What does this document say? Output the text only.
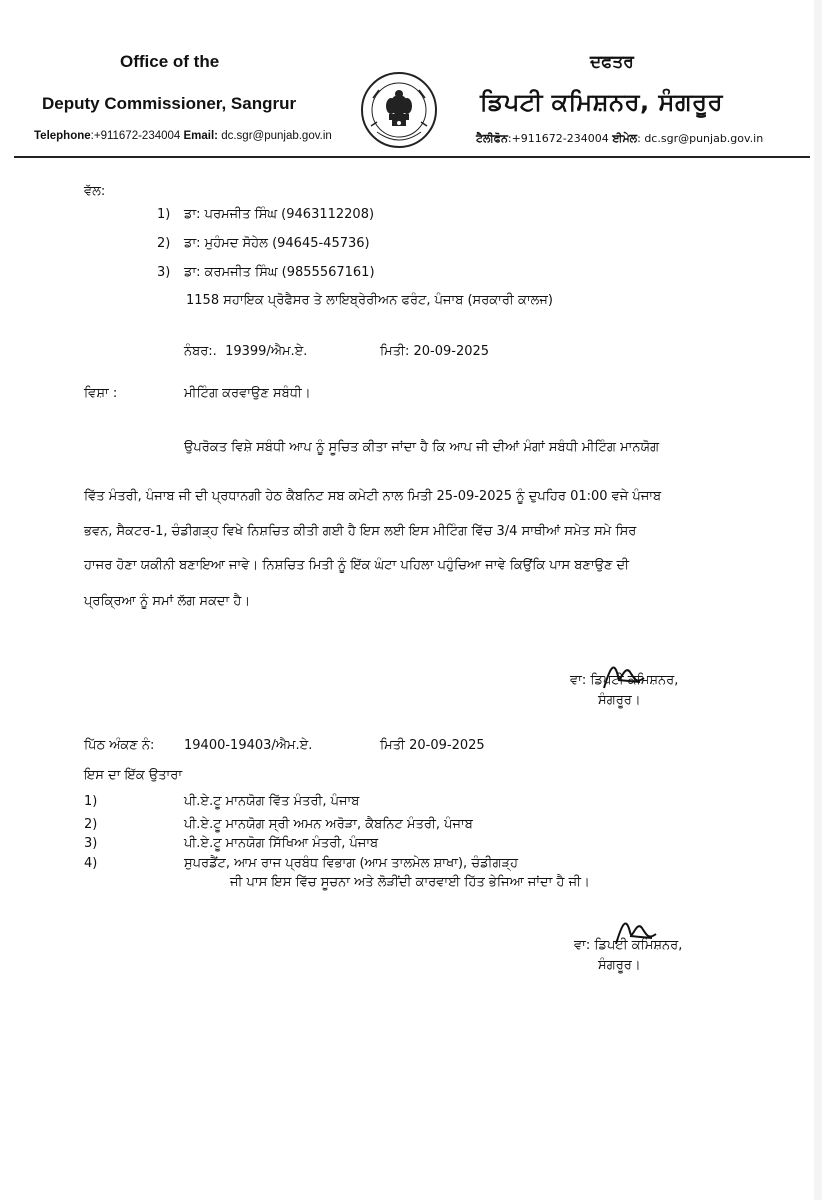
Office of the
Deputy Commissioner, Sangrur
Telephone:+911672-234004 Email: dc.sgr@punjab.gov.in
ਦਫਤਰ
ਡਿਪਟੀ ਕਮਿਸ਼ਨਰ, ਸੰਗਰੂਰ
ਟੈਲੀਫੋਨ:+911672-234004 ਈਮੇਲ: dc.sgr@punjab.gov.in
ਵੱਲ:
1) ਡਾ: ਪਰਮਜੀਤ ਸਿੰਘ (9463112208)
2) ਡਾ: ਮੁਹੰਮਦ ਸੋਹੇਲ (94645-45736)
3) ਡਾ: ਕਰਮਜੀਤ ਸਿੰਘ (9855567161)
1158 ਸਹਾਇਕ ਪ੍ਰੋਫੈਸਰ ਤੇ ਲਾਇਬ੍ਰੇਰੀਅਨ ਫਰੰਟ, ਪੰਜਾਬ (ਸਰਕਾਰੀ ਕਾਲਜ)
ਨੰਬਰ:. 19399/ਐਮ.ਏ.	ਮਿਤੀ: 20-09-2025
ਵਿਸ਼ਾ :	ਮੀਟਿੰਗ ਕਰਵਾਉਣ ਸਬੰਧੀ।
ਉਪਰੋਕਤ ਵਿਸ਼ੇ ਸਬੰਧੀ ਆਪ ਨੂੰ ਸੂਚਿਤ ਕੀਤਾ ਜਾਂਦਾ ਹੈ ਕਿ ਆਪ ਜੀ ਦੀਆਂ ਮੰਗਾਂ ਸਬੰਧੀ ਮੀਟਿੰਗ ਮਾਨਯੋਗ
ਵਿੱਤ ਮੰਤਰੀ, ਪੰਜਾਬ ਜੀ ਦੀ ਪ੍ਰਧਾਨਗੀ ਹੇਠ ਕੈਬਨਿਟ ਸਬ ਕਮੇਟੀ ਨਾਲ ਮਿਤੀ 25-09-2025 ਨੂੰ ਦੁਪਹਿਰ 01:00 ਵਜੇ ਪੰਜਾਬ
ਭਵਨ, ਸੈਕਟਰ-1, ਚੰਡੀਗੜ੍ਹ ਵਿਖੇ ਨਿਸ਼ਚਿਤ ਕੀਤੀ ਗਈ ਹੈ ਇਸ ਲਈ ਇਸ ਮੀਟਿੰਗ ਵਿੱਚ 3/4 ਸਾਥੀਆਂ ਸਮੇਤ ਸਮੇ ਸਿਰ
ਹਾਜਰ ਹੋਣਾ ਯਕੀਨੀ ਬਣਾਇਆ ਜਾਵੇ। ਨਿਸ਼ਚਿਤ ਮਿਤੀ ਨੂੰ ਇੱਕ ਘੰਟਾ ਪਹਿਲਾ ਪਹੁੰਚਿਆ ਜਾਵੇ ਕਿਉਂਕਿ ਪਾਸ ਬਣਾਉਣ ਦੀ
ਪ੍ਰਕ੍ਰਿਆ ਨੂੰ ਸਮਾਂ ਲੱਗ ਸਕਦਾ ਹੈ।
ਵਾ: ਡਿਪਟੀ ਕਮਿਸ਼ਨਰ,
ਸੰਗਰੂਰ।
ਪਿੱਠ ਅੰਕਣ ਨੰ: 19400-19403/ਐਮ.ਏ.	ਮਿਤੀ 20-09-2025
ਇਸ ਦਾ ਇੱਕ ਉਤਾਰਾ
1)	ਪੀ.ਏ.ਟੂ ਮਾਨਯੋਗ ਵਿੱਤ ਮੰਤਰੀ, ਪੰਜਾਬ
2)	ਪੀ.ਏ.ਟੂ ਮਾਨਯੋਗ ਸ੍ਰੀ ਅਮਨ ਅਰੋੜਾ, ਕੈਬਨਿਟ ਮੰਤਰੀ, ਪੰਜਾਬ
3)	ਪੀ.ਏ.ਟੂ ਮਾਨਯੋਗ ਸਿੱਖਿਆ ਮੰਤਰੀ, ਪੰਜਾਬ
4)	ਸੁਪਰਡੈਂਟ, ਆਮ ਰਾਜ ਪ੍ਰਬੰਧ ਵਿਭਾਗ (ਆਮ ਤਾਲਮੇਲ ਸ਼ਾਖਾ), ਚੰਡੀਗੜ੍ਹ
ਜੀ ਪਾਸ ਇਸ ਵਿੱਚ ਸੂਚਨਾ ਅਤੇ ਲੋੜੀਂਦੀ ਕਾਰਵਾਈ ਹਿੱਤ ਭੇਜਿਆ ਜਾਂਦਾ ਹੈ ਜੀ।
ਵਾ: ਡਿਪਟੀ ਕਮਿਸ਼ਨਰ,
ਸੰਗਰੂਰ।
